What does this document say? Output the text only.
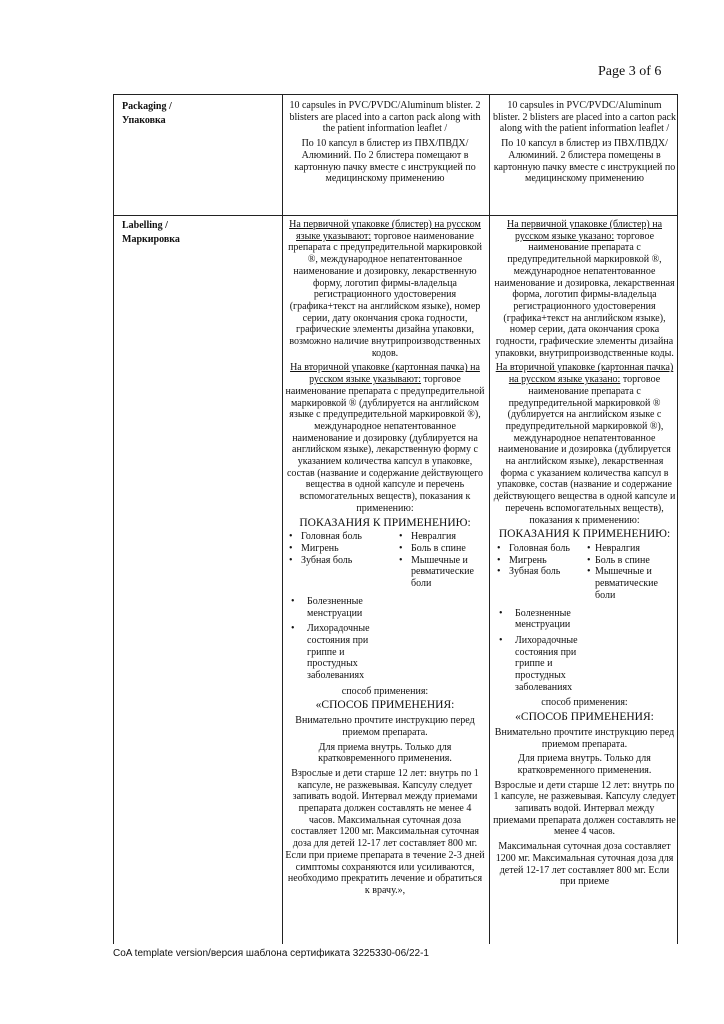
Page 3 of 6
Packaging /
Упаковка

10 capsules in PVC/PVDC/Aluminum blister. 2 blisters are placed into a carton pack along with the patient information leaflet /

По 10 капсул в блистер из ПВХ/ПВДХ/Алюминий. По 2 блистера помещают в картонную пачку вместе с инструкцией по медицинскому применению

10 capsules in PVC/PVDC/Aluminum blister. 2 blisters are placed into a carton pack along with the patient information leaflet /

По 10 капсул в блистер из ПВХ/ПВДХ/Алюминий. 2 блистера помещены в картонную пачку вместе с инструкцией по медицинскому применению

Labelling /
Маркировка

На первичной упаковке (блистер) на русском языке указывают: торговое наименование препарата с предупредительной маркировкой ®, международное непатентованное наименование и дозировку, лекарственную форму, логотип фирмы-владельца регистрационного удостоверения (графика+текст на английском языке), номер серии, дату окончания срока годности, графические элементы дизайна упаковки, возможно наличие внутрипроизводственных кодов.

На вторичной упаковке (картонная пачка) на русском языке указывают: торговое наименование препарата с предупредительной маркировкой ® (дублируется на английском языке с предупредительной маркировкой ®), международное непатентованное наименование и дозировку (дублируется на английском языке), лекарственную форму с указанием количества капсул в упаковке, состав (название и содержание действующего вещества в одной капсуле и перечень вспомогательных веществ), показания к применению:

ПОКАЗАНИЯ К ПРИМЕНЕНИЮ:
• Головная боль
• Мигрень
• Зубная боль
• Невралгия
• Боль в спине
• Мышечные и ревматические боли
• Болезненные менструации
• Лихорадочные состояния при гриппе и простудных заболеваниях

способ применения:

«СПОСОБ ПРИМЕНЕНИЯ:

Внимательно прочтите инструкцию перед приемом препарата.

Для приема внутрь. Только для кратковременного применения.

Взрослые и дети старше 12 лет: внутрь по 1 капсуле, не разжевывая. Капсулу следует запивать водой. Интервал между приемами препарата должен составлять не менее 4 часов. Максимальная суточная доза составляет 1200 мг. Максимальная суточная доза для детей 12-17 лет составляет 800 мг. Если при приеме препарата в течение 2-3 дней симптомы сохраняются или усиливаются, необходимо прекратить лечение и обратиться к врачу.»,

На первичной упаковке (блистер) на русском языке указано: торговое наименование препарата с предупредительной маркировкой ®, международное непатентованное наименование и дозировка, лекарственная форма, логотип фирмы-владельца регистрационного удостоверения (графика+текст на английском языке), номер серии, дата окончания срока годности, графические элементы дизайна упаковки, внутрипроизводственные коды.

На вторичной упаковке (картонная пачка) на русском языке указано: торговое наименование препарата с предупредительной маркировкой ® (дублируется на английском языке с предупредительной маркировкой ®), международное непатентованное наименование и дозировка (дублируется на английском языке), лекарственная форма с указанием количества капсул в упаковке, состав (название и содержание действующего вещества в одной капсуле и перечень вспомогательных веществ), показания к применению:

ПОКАЗАНИЯ К ПРИМЕНЕНИЮ:
• Головная боль
• Мигрень
• Зубная боль
• Невралгия
• Боль в спине
• Мышечные и ревматические боли
• Болезненные менструации
• Лихорадочные состояния при гриппе и простудных заболеваниях

способ применения:

«СПОСОБ ПРИМЕНЕНИЯ:

Внимательно прочтите инструкцию перед приемом препарата.

Для приема внутрь. Только для кратковременного применения.

Взрослые и дети старше 12 лет: внутрь по 1 капсуле, не разжевывая. Капсулу следует запивать водой. Интервал между приемами препарата должен составлять не менее 4 часов.

Максимальная суточная доза составляет 1200 мг. Максимальная суточная доза для детей 12-17 лет составляет 800 мг. Если при приеме

CoA template version/версия шаблона сертификата 3225330-06/22-1
